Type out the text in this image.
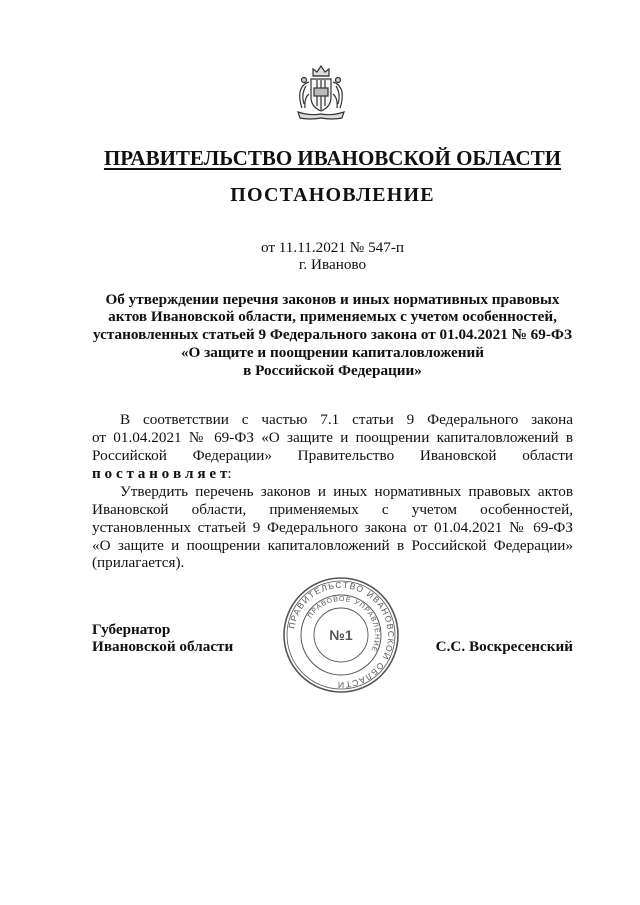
ПРАВИТЕЛЬСТВО ИВАНОВСКОЙ ОБЛАСТИ
ПОСТАНОВЛЕНИЕ
от 11.11.2021 № 547-п
г. Иваново
Об утверждении перечня законов и иных нормативных правовых
актов Ивановской области, применяемых с учетом особенностей,
установленных статьей 9 Федерального закона от 01.04.2021 № 69-ФЗ
«О защите и поощрении капиталовложений
в Российской Федерации»
В соответствии с частью 7.1 статьи 9 Федерального закона
от 01.04.2021 № 69-ФЗ «О защите и поощрении капиталовложений в
Российской Федерации» Правительство Ивановской области
п о с т а н о в л я е т:
Утвердить перечень законов и иных нормативных правовых актов
Ивановской области, применяемых с учетом особенностей,
установленных статьей 9 Федерального закона от 01.04.2021 № 69-ФЗ
«О защите и поощрении капиталовложений в Российской Федерации»
(прилагается).
ПРАВИТЕЛЬСТВО ИВАНОВСКОЙ ОБЛАСТИ
ПРАВОВОЕ УПРАВЛЕНИЕ
№1
Губернатор
Ивановской области	С.С. Воскресенский
